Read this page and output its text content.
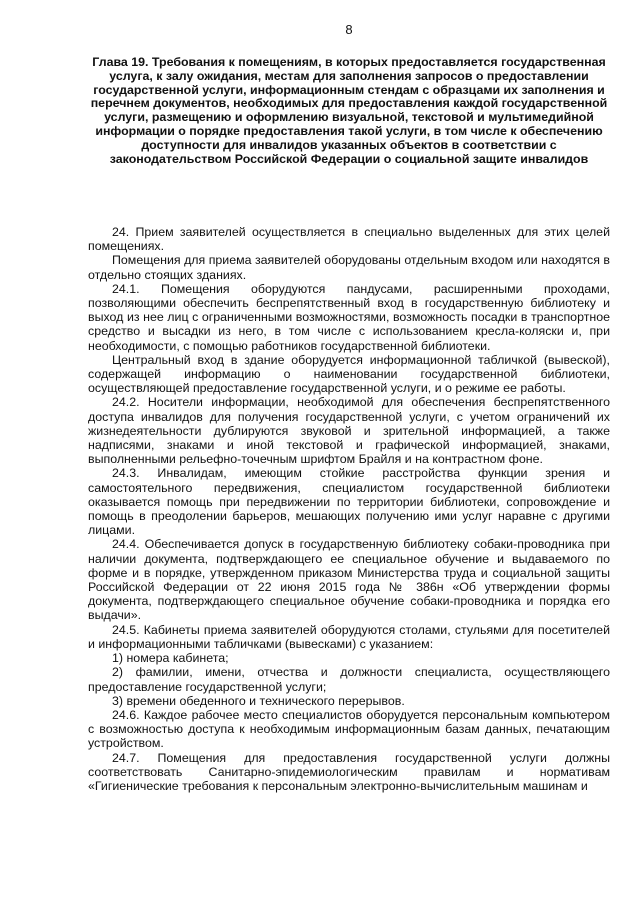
8
Глава 19. Требования к помещениям, в которых предоставляется государственная услуга, к залу ожидания, местам для заполнения запросов о предоставлении государственной услуги, информационным стендам с образцами их заполнения и перечнем документов, необходимых для предоставления каждой государственной услуги, размещению и оформлению визуальной, текстовой и мультимедийной информации о порядке предоставления такой услуги, в том числе к обеспечению доступности для инвалидов указанных объектов в соответствии с законодательством Российской Федерации о социальной защите инвалидов

24. Прием заявителей осуществляется в специально выделенных для этих целей помещениях.

Помещения для приема заявителей оборудованы отдельным входом или находятся в отдельно стоящих зданиях.

24.1. Помещения оборудуются пандусами, расширенными проходами, позволяющими обеспечить беспрепятственный вход в государственную библиотеку и выход из нее лиц с ограниченными возможностями, возможность посадки в транспортное средство и высадки из него, в том числе с использованием кресла-коляски и, при необходимости, с помощью работников государственной библиотеки.

Центральный вход в здание оборудуется информационной табличкой (вывеской), содержащей информацию о наименовании государственной библиотеки, осуществляющей предоставление государственной услуги, и о режиме ее работы.

24.2. Носители информации, необходимой для обеспечения беспрепятственного доступа инвалидов для получения государственной услуги, с учетом ограничений их жизнедеятельности дублируются звуковой и зрительной информацией, а также надписями, знаками и иной текстовой и графической информацией, знаками, выполненными рельефно-точечным шрифтом Брайля и на контрастном фоне.

24.3. Инвалидам, имеющим стойкие расстройства функции зрения и самостоятельного передвижения, специалистом государственной библиотеки оказывается помощь при передвижении по территории библиотеки, сопровождение и помощь в преодолении барьеров, мешающих получению ими услуг наравне с другими лицами.

24.4. Обеспечивается допуск в государственную библиотеку собаки-проводника при наличии документа, подтверждающего ее специальное обучение и выдаваемого по форме и в порядке, утвержденном приказом Министерства труда и социальной защиты Российской Федерации от 22 июня 2015 года № 386н «Об утверждении формы документа, подтверждающего специальное обучение собаки-проводника и порядка его выдачи».

24.5. Кабинеты приема заявителей оборудуются столами, стульями для посетителей и информационными табличками (вывесками) с указанием:

1) номера кабинета;

2) фамилии, имени, отчества и должности специалиста, осуществляющего предоставление государственной услуги;

3) времени обеденного и технического перерывов.

24.6. Каждое рабочее место специалистов оборудуется персональным компьютером с возможностью доступа к необходимым информационным базам данных, печатающим устройством.

24.7. Помещения для предоставления государственной услуги должны соответствовать Санитарно-эпидемиологическим правилам и нормативам «Гигиенические требования к персональным электронно-вычислительным машинам и
